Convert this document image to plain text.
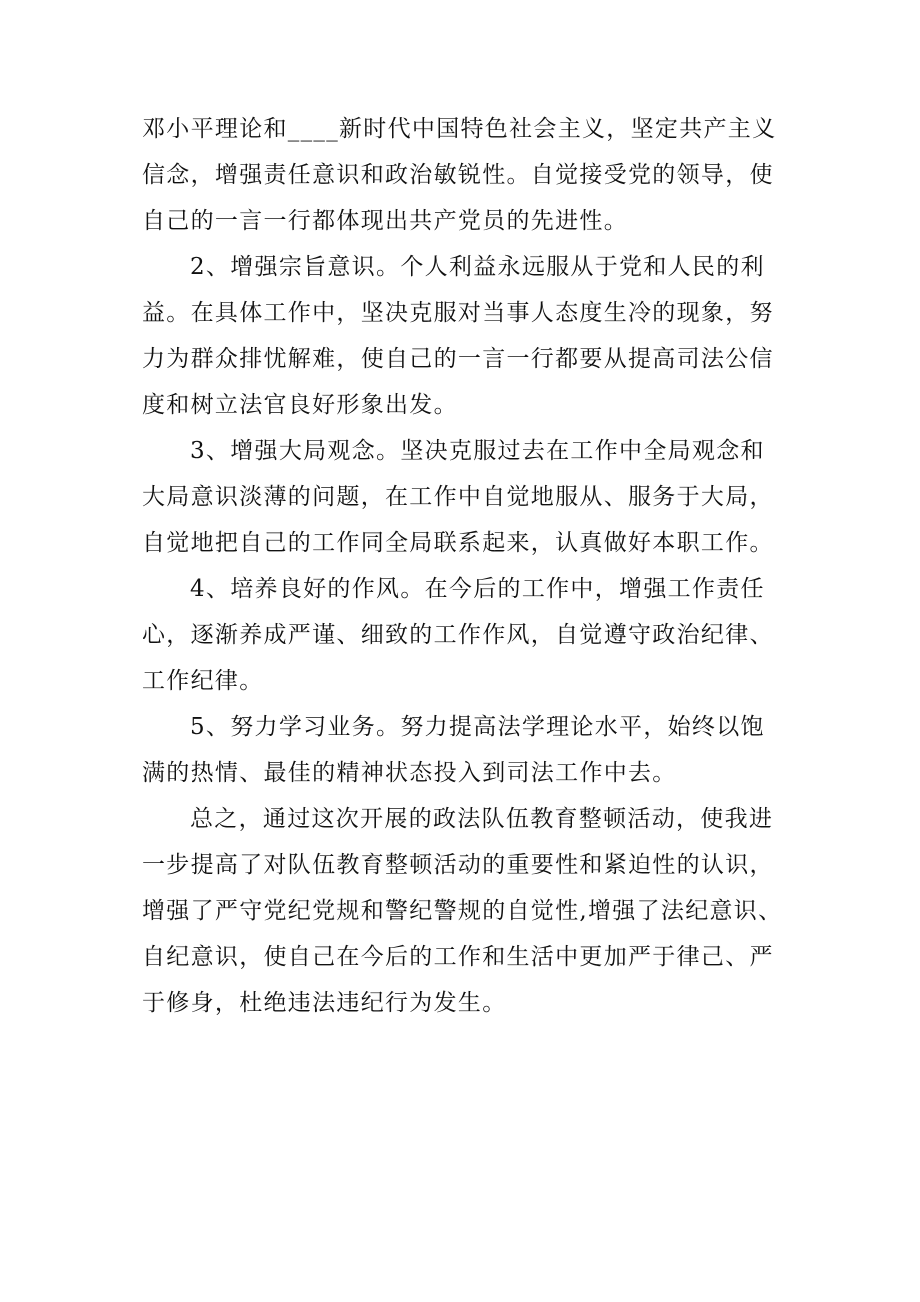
邓小平理论和____新时代中国特色社会主义，坚定共产主义
信念，增强责任意识和政治敏锐性。自觉接受党的领导，使
自己的一言一行都体现出共产党员的先进性。
2、增强宗旨意识。个人利益永远服从于党和人民的利
益。在具体工作中，坚决克服对当事人态度生冷的现象，努
力为群众排忧解难，使自己的一言一行都要从提高司法公信
度和树立法官良好形象出发。
3、增强大局观念。坚决克服过去在工作中全局观念和
大局意识淡薄的问题，在工作中自觉地服从、服务于大局，
自觉地把自己的工作同全局联系起来，认真做好本职工作。
4、培养良好的作风。在今后的工作中，增强工作责任
心，逐渐养成严谨、细致的工作作风，自觉遵守政治纪律、
工作纪律。
5、努力学习业务。努力提高法学理论水平，始终以饱
满的热情、最佳的精神状态投入到司法工作中去。
总之，通过这次开展的政法队伍教育整顿活动，使我进
一步提高了对队伍教育整顿活动的重要性和紧迫性的认识，
增强了严守党纪党规和警纪警规的自觉性,增强了法纪意识、
自纪意识，使自己在今后的工作和生活中更加严于律己、严
于修身，杜绝违法违纪行为发生。
